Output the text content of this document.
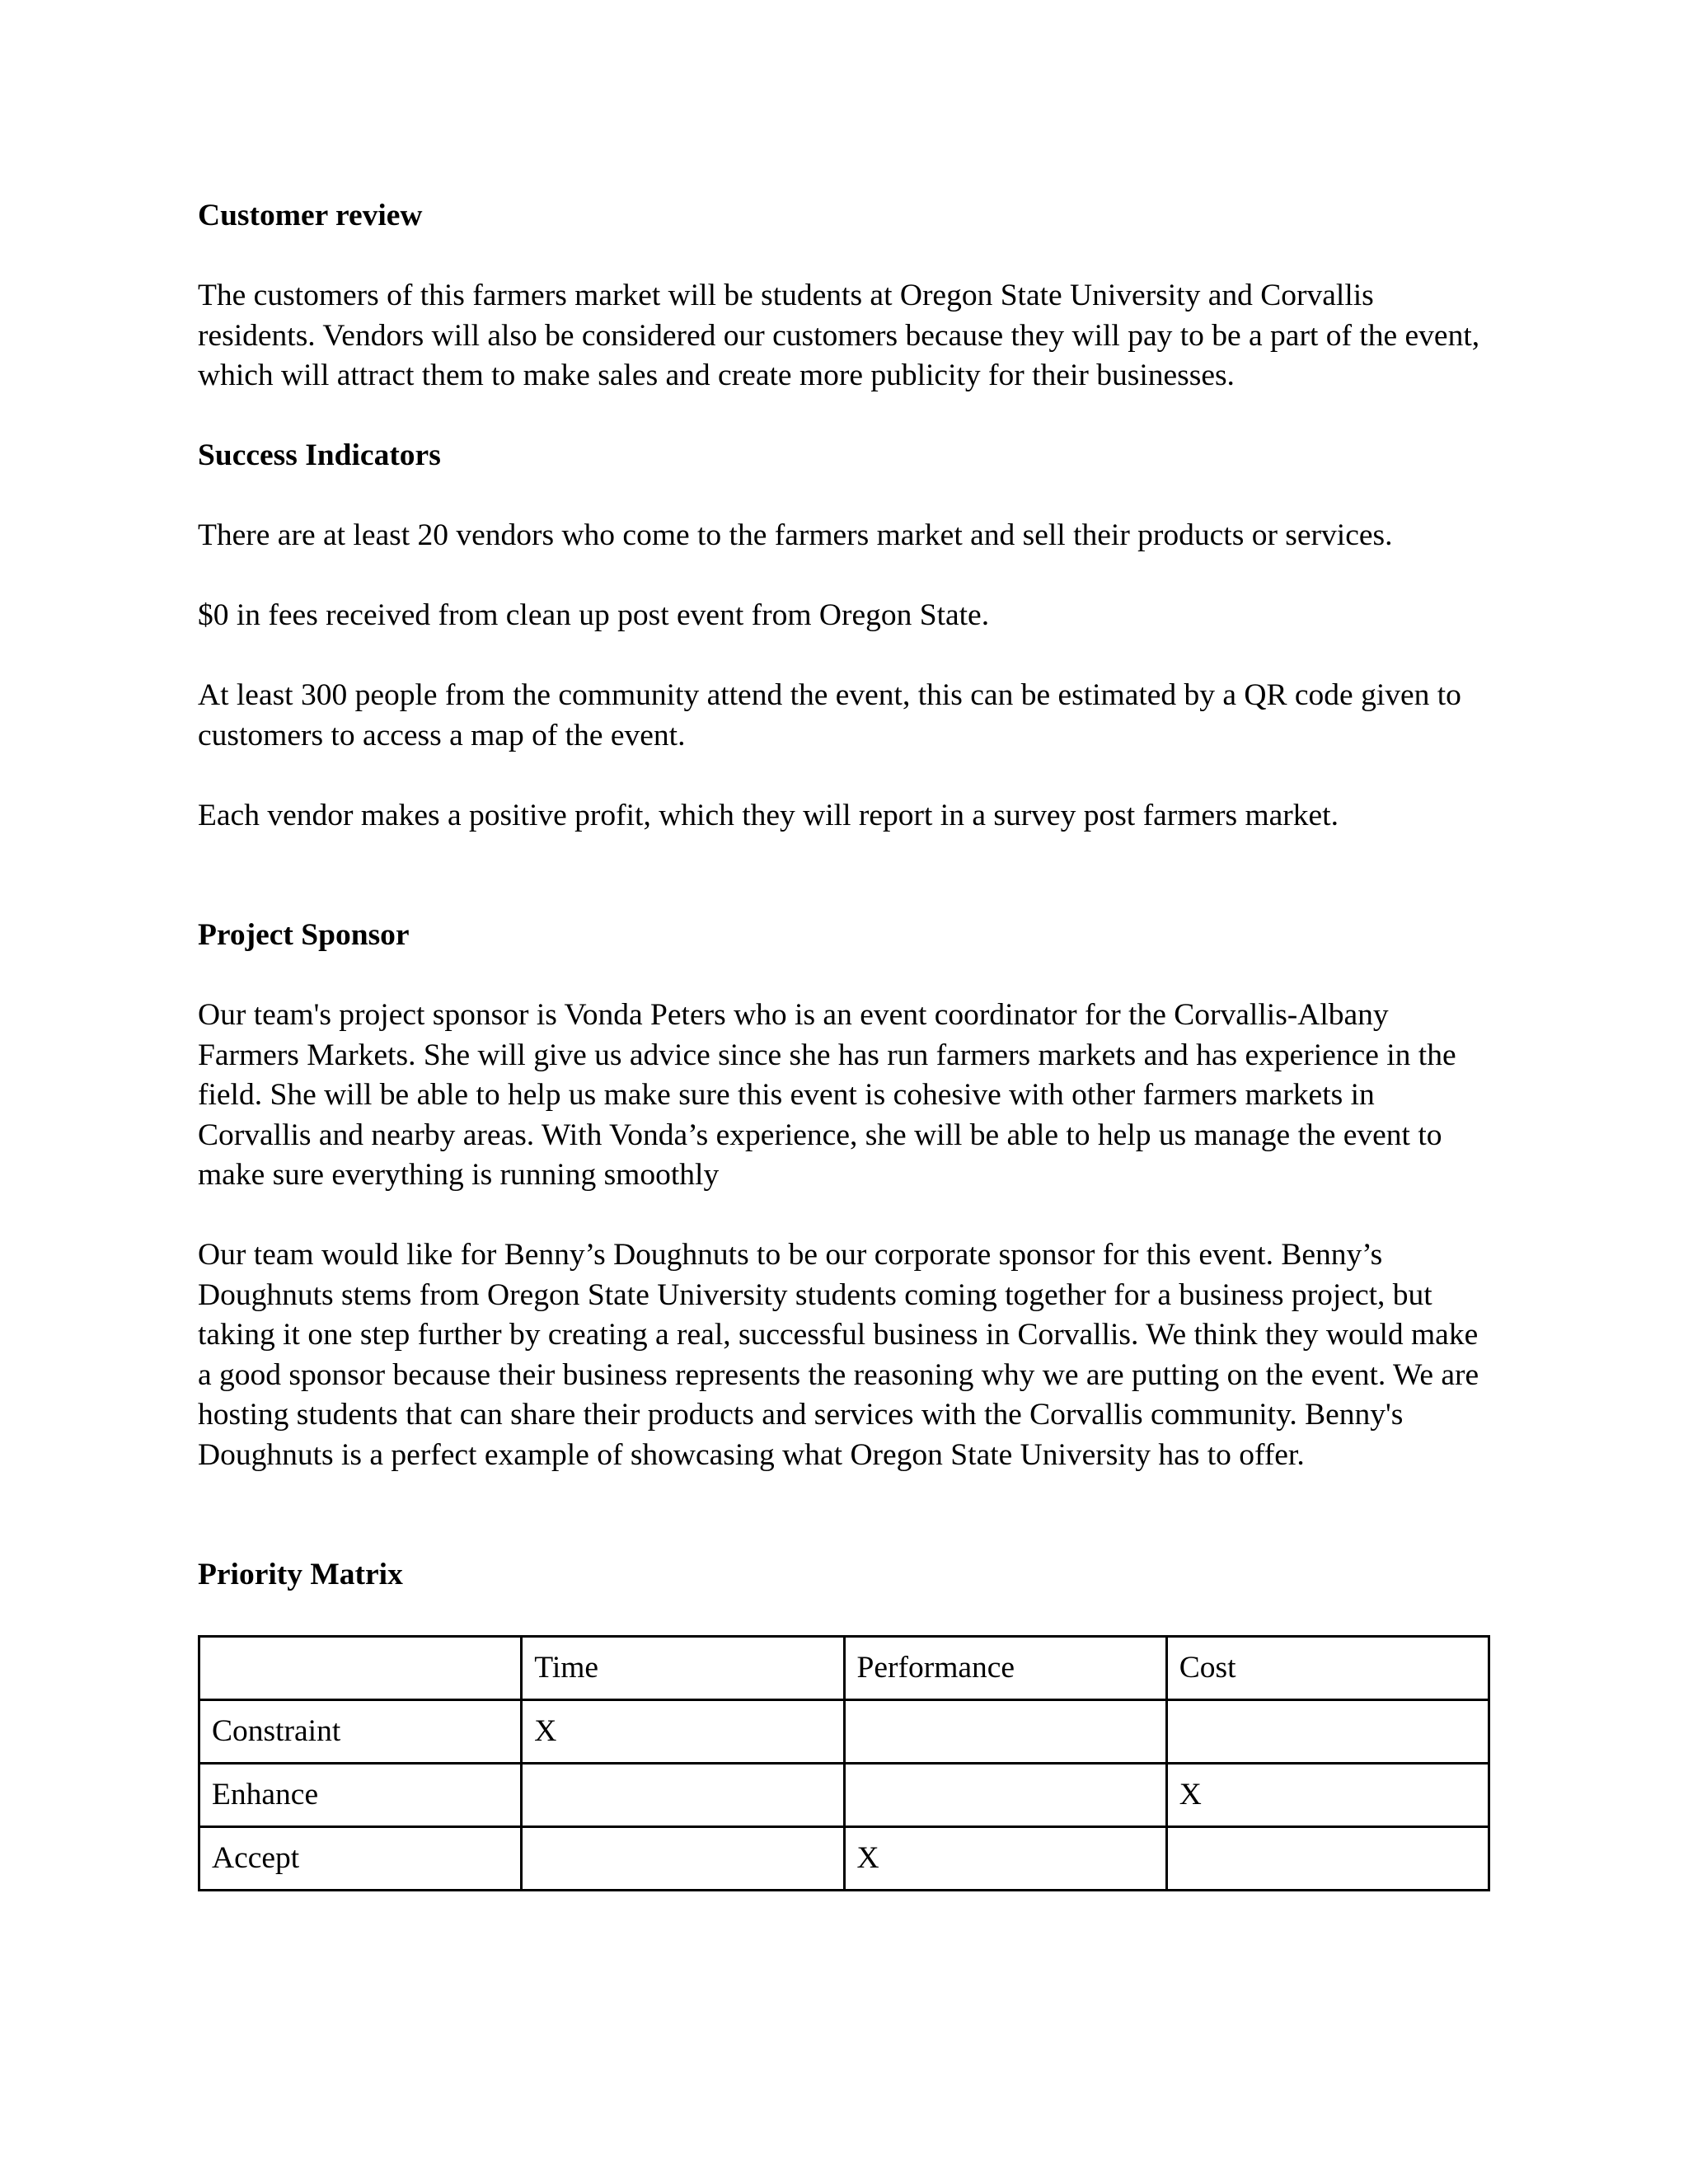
Customer review
The customers of this farmers market will be students at Oregon State University and Corvallis residents. Vendors will also be considered our customers because they will pay to be a part of the event, which will attract them to make sales and create more publicity for their businesses.
Success Indicators
There are at least 20 vendors who come to the farmers market and sell their products or services.
$0 in fees received from clean up post event from Oregon State.
At least 300 people from the community attend the event, this can be estimated by a QR code given to customers to access a map of the event.
Each vendor makes a positive profit, which they will report in a survey post farmers market.
Project Sponsor
Our team's project sponsor is Vonda Peters who is an event coordinator for the Corvallis-Albany Farmers Markets. She will give us advice since she has run farmers markets and has experience in the field. She will be able to help us make sure this event is cohesive with other farmers markets in Corvallis and nearby areas. With Vonda’s experience, she will be able to help us manage the event to make sure everything is running smoothly
Our team would like for Benny’s Doughnuts to be our corporate sponsor for this event. Benny’s Doughnuts stems from Oregon State University students coming together for a business project, but taking it one step further by creating a real, successful business in Corvallis. We think they would make a good sponsor because their business represents the reasoning why we are putting on the event. We are hosting students that can share their products and services with the Corvallis community. Benny's Doughnuts is a perfect example of showcasing what Oregon State University has to offer.
Priority Matrix
	Time	Performance	Cost
Constraint	X		
Enhance			X
Accept		X	
